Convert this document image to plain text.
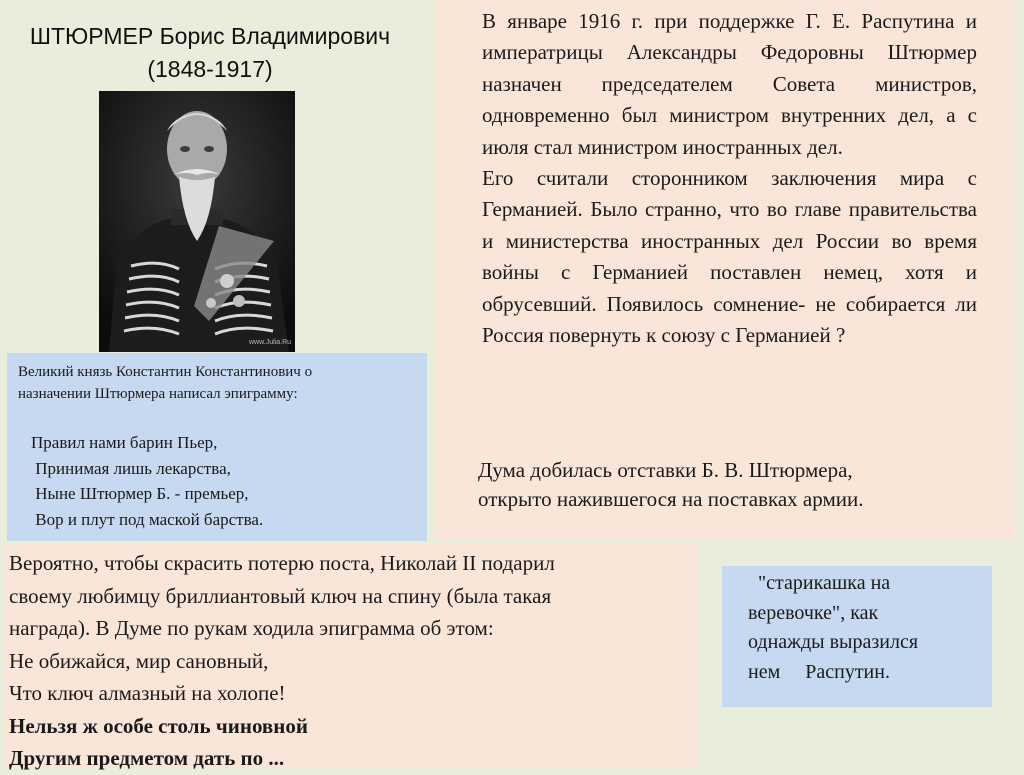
ШТЮРМЕР Борис Владимирович
(1848-1917)
www.Julia.Ru

В январе 1916 г. при поддержке Г. Е. Распутина и императрицы Александры Федоровны Штюрмер назначен председателем Совета министров, одновременно был министром внутренних дел, а с июля стал министром иностранных дел.

Его считали сторонником заключения мира с Германией. Было странно, что во главе правительства и министерства иностранных дел России во время войны с Германией поставлен немец, хотя и обрусевший. Появилось сомнение- не собирается ли Россия повернуть к союзу с Германией ?

Дума добилась отставки Б. В. Штюрмера,

открыто нажившегося на поставках армии.

Великий князь Константин Константинович о

назначении Штюрмера написал эпиграмму:

Правил нами барин Пьер,

Принимая лишь лекарства,

Ныне Штюрмер Б. - премьер,

Вор и плут под маской барства.

Вероятно, чтобы скрасить потерю поста, Николай II подарил

своему любимцу бриллиантовый ключ на спину (была такая

награда). В Думе по рукам ходила эпиграмма об этом:

Не обижайся, мир сановный,

Что ключ алмазный на холопе!

Нельзя ж особе столь чиновной

Другим предметом дать по ...

"старикашка на

веревочке", как

однажды выразился

нем     Распутин.
